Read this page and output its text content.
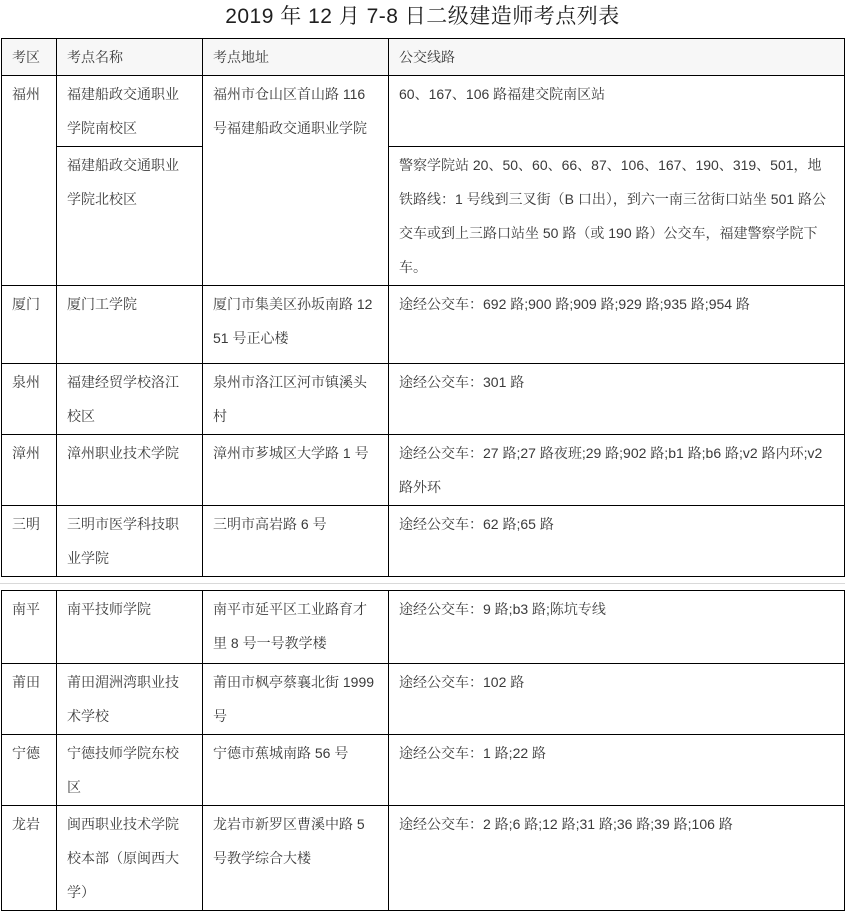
2019 年 12 月 7-8 日二级建造师考点列表
考区	考点名称	考点地址	公交线路
福州	福建船政交通职业学院南校区	福州市仓山区首山路 116 号福建船政交通职业学院	60、167、106 路福建交院南区站
	福建船政交通职业学院北校区		警察学院站 20、50、60、66、87、106、167、190、319、501，地铁路线：1 号线到三叉街（B 口出），到六一南三岔街口站坐 501 路公交车或到上三路口站坐 50 路（或 190 路）公交车，福建警察学院下车。
厦门	厦门工学院	厦门市集美区孙坂南路 1251 号正心楼	途经公交车：692 路;900 路;909 路;929 路;935 路;954 路
泉州	福建经贸学校洛江校区	泉州市洛江区河市镇溪头村	途经公交车：301 路
漳州	漳州职业技术学院	漳州市芗城区大学路 1 号	途经公交车：27 路;27 路夜班;29 路;902 路;b1 路;b6 路;v2 路内环;v2 路外环
三明	三明市医学科技职业学院	三明市高岩路 6 号	途经公交车：62 路;65 路
南平	南平技师学院	南平市延平区工业路育才里 8 号一号教学楼	途经公交车：9 路;b3 路;陈坑专线
莆田	莆田湄洲湾职业技术学校	莆田市枫亭蔡襄北街 1999 号	途经公交车：102 路
宁德	宁德技师学院东校区	宁德市蕉城南路 56 号	途经公交车：1 路;22 路
龙岩	闽西职业技术学院校本部（原闽西大学）	龙岩市新罗区曹溪中路 5 号教学综合大楼	途经公交车：2 路;6 路;12 路;31 路;36 路;39 路;106 路
